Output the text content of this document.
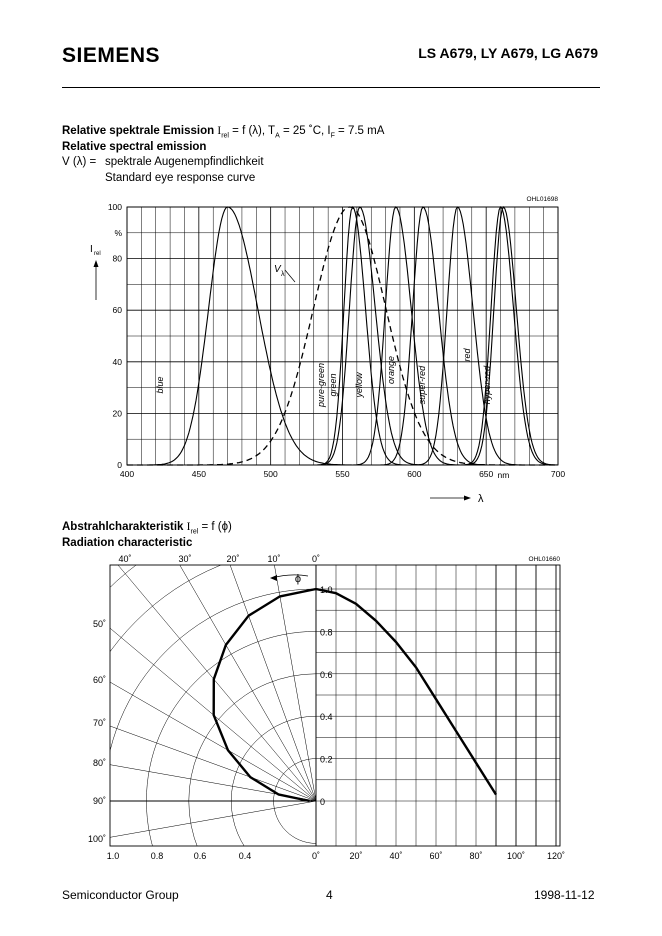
SIEMENS	LS A679, LY A679, LG A679
Relative spektrale Emission $I_{rel} = f$ (λ), $T_A = 25$ ˚C, $I_F = 7.5$ mA
Relative spectral emission
V (λ) = spektrale Augenempfindlichkeit
Standard eye response curve
400	450	500	550	600	650	700
nm
0
20
40
60
80
100
%
OHL01698
I rel
λ
V λ
blue	pure-green green yellow
orange super-red
red
hyper-red
OHL01660
1.0
0.8
0.6
0.4
0.2
0
1.0	0.8	0.6	0.4	0˚	20˚	40˚	60˚	80˚	100˚ 120˚
40˚	30˚	20˚	10˚	0˚
50˚
60˚
70˚
80˚
90˚
100˚
ϕ
Abstrahlcharakteristik $I_{rel} = f$ (ϕ)
Radiation characteristic
Semiconductor Group	4	1998-11-12
